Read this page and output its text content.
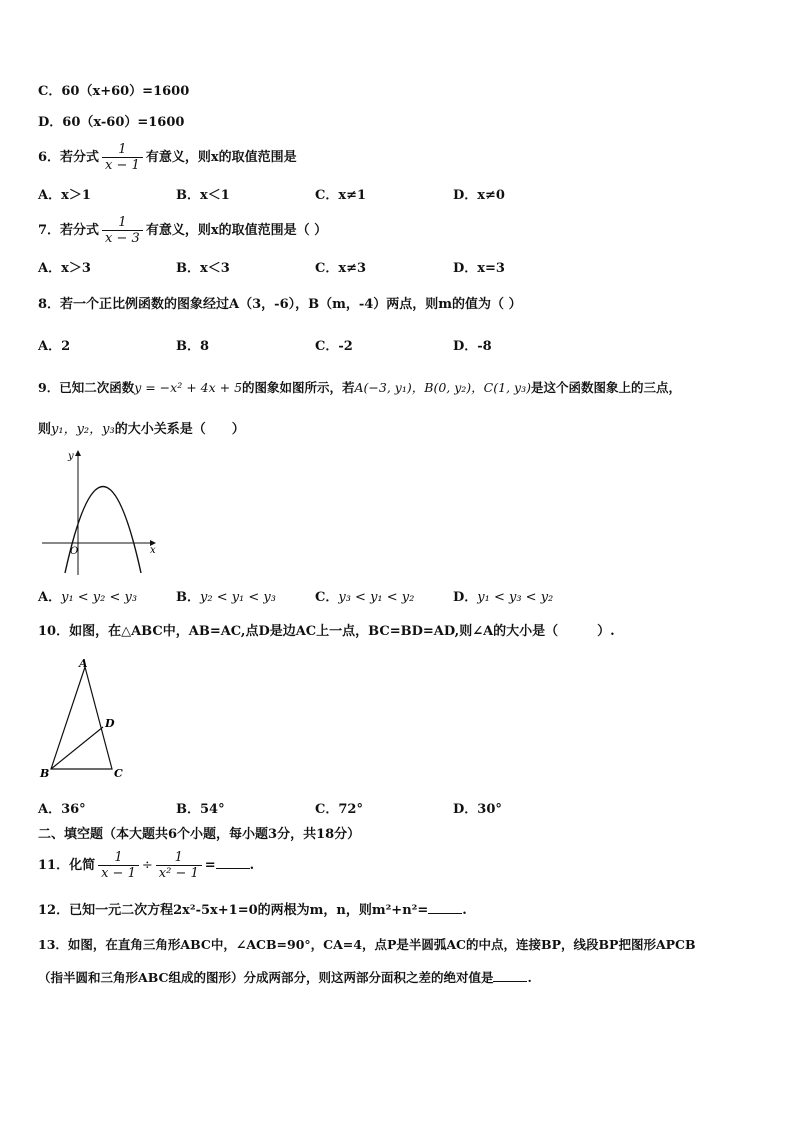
C．60（x+60）=1600
D．60（x-60）=1600
6．若分式 $\frac{1}{x - 1}$ 有意义，则x的取值范围是
A．x＞1	B．x＜1	C．x≠1	D．x≠0
7．若分式 $\frac{1}{x - 3}$ 有意义，则x的取值范围是（ ）
A．x＞3	B．x＜3	C．x≠3	D．x=3
8．若一个正比例函数的图象经过A（3，-6），B（m，-4）两点，则m的值为（ ）
A．2	B．8	C．-2	D．-8
9．已知二次函数y = −x² + 4x + 5的图象如图所示，若A(−3, y₁)，B(0, y₂)，C(1, y₃)是这个函数图象上的三点，
则y₁，y₂，y₃的大小关系是（　　）
y
x
O
A．y₁ < y₂ < y₃	B．y₂ < y₁ < y₃	C．y₃ < y₁ < y₂	D．y₁ < y₃ < y₂
10．如图，在△ABC中，AB=AC,点D是边AC上一点，BC=BD=AD,则∠A的大小是（　　　）.
A
B	C
D
A．36°	B．54°	C．72°	D．30°
二、填空题（本大题共6个小题，每小题3分，共18分）
11．化简 $\frac{1}{x - 1} \div \frac{1}{\text{x² − 1}}$ =	.
12．已知一元二次方程2x²-5x+1=0的两根为m，n，则m²+n²=	.
13．如图，在直角三角形ABC中，∠ACB=90°，CA=4，点P是半圆弧AC的中点，连接BP，线段BP把图形APCB
（指半圆和三角形ABC组成的图形）分成两部分，则这两部分面积之差的绝对值是	.
